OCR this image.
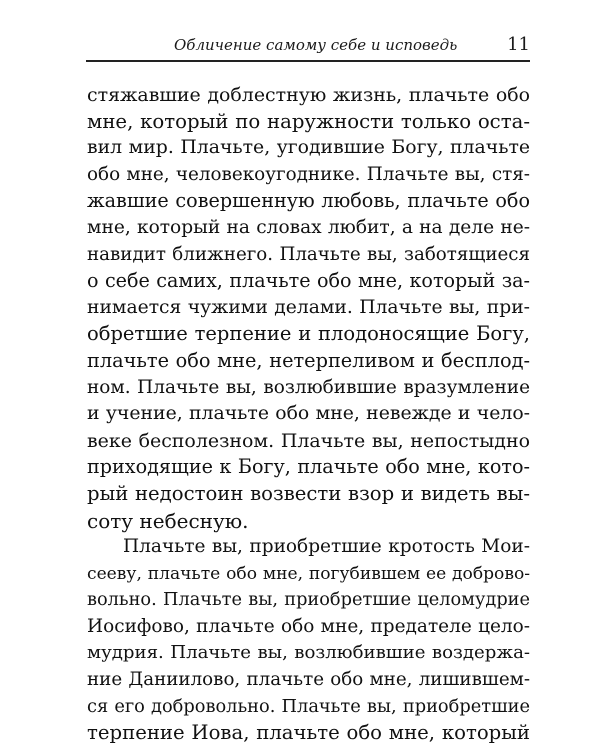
Обличение самому себе и исповедь	11
стяжавшие доблестную жизнь, плачьте обо
мне, который по наружности только оста-
вил мир. Плачьте, угодившие Богу, плачьте
обо мне, человекоугоднике. Плачьте вы, стя-
жавшие совершенную любовь, плачьте обо
мне, который на словах любит, а на деле не-
навидит ближнего. Плачьте вы, заботящиеся
о себе самих, плачьте обо мне, который за-
нимается чужими делами. Плачьте вы, при-
обретшие терпение и плодоносящие Богу,
плачьте обо мне, нетерпеливом и бесплод-
ном. Плачьте вы, возлюбившие вразумление
и учение, плачьте обо мне, невежде и чело-
веке бесполезном. Плачьте вы, непостыдно
приходящие к Богу, плачьте обо мне, кото-
рый недостоин возвести взор и видеть вы-
соту небесную.
Плачьте вы, приобретшие кротость Мои-
сееву, плачьте обо мне, погубившем ее доброво-
вольно. Плачьте вы, приобретшие целомудрие
Иосифово, плачьте обо мне, предателе цело-
мудрия. Плачьте вы, возлюбившие воздержа-
ние Даниилово, плачьте обо мне, лишившем-
ся его добровольно. Плачьте вы, приобретшие
терпение Иова, плачьте обо мне, который
